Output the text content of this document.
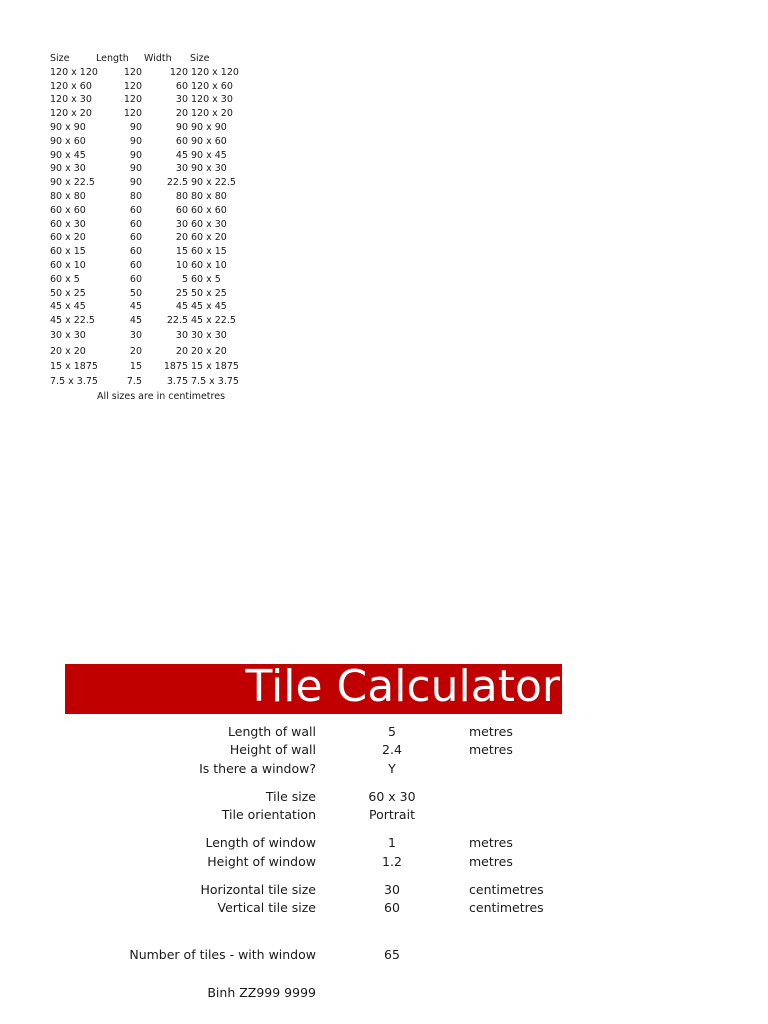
Size	Length Width Size
120 x 120	120	120 120 x 120
120 x 60	120	60 120 x 60
120 x 30	120	30 120 x 30
120 x 20	120	20 120 x 20
90 x 90	90	90 90 x 90
90 x 60	90	60 90 x 60
90 x 45	90	45 90 x 45
90 x 30	90	30 90 x 30
90 x 22.5	90	22.5 90 x 22.5
80 x 80	80	80 80 x 80
60 x 60	60	60 60 x 60
60 x 30	60	30 60 x 30
60 x 20	60	20 60 x 20
60 x 15	60	15 60 x 15
60 x 10	60	10 60 x 10
60 x 5	60	5 60 x 5
50 x 25	50	25 50 x 25
45 x 45	45	45 45 x 45
45 x 22.5	45	22.5 45 x 22.5
30 x 30	30	30 30 x 30
20 x 20	20	20 20 x 20
15 x 1875	15 1875 15 x 1875
7.5 x 3.75	7.5	3.75 7.5 x 3.75
All sizes are in centimetres
Tile Calculator
Length of wall	5	metres
Height of wall	2.4	metres
Is there a window?	Y
Tile size	60 x 30
Tile orientation	Portrait
Length of window	1	metres
Height of window	1.2	metres
Horizontal tile size	30	centimetres
Vertical tile size	60	centimetres
Number of tiles - with window	65
Binh ZZ999 9999
